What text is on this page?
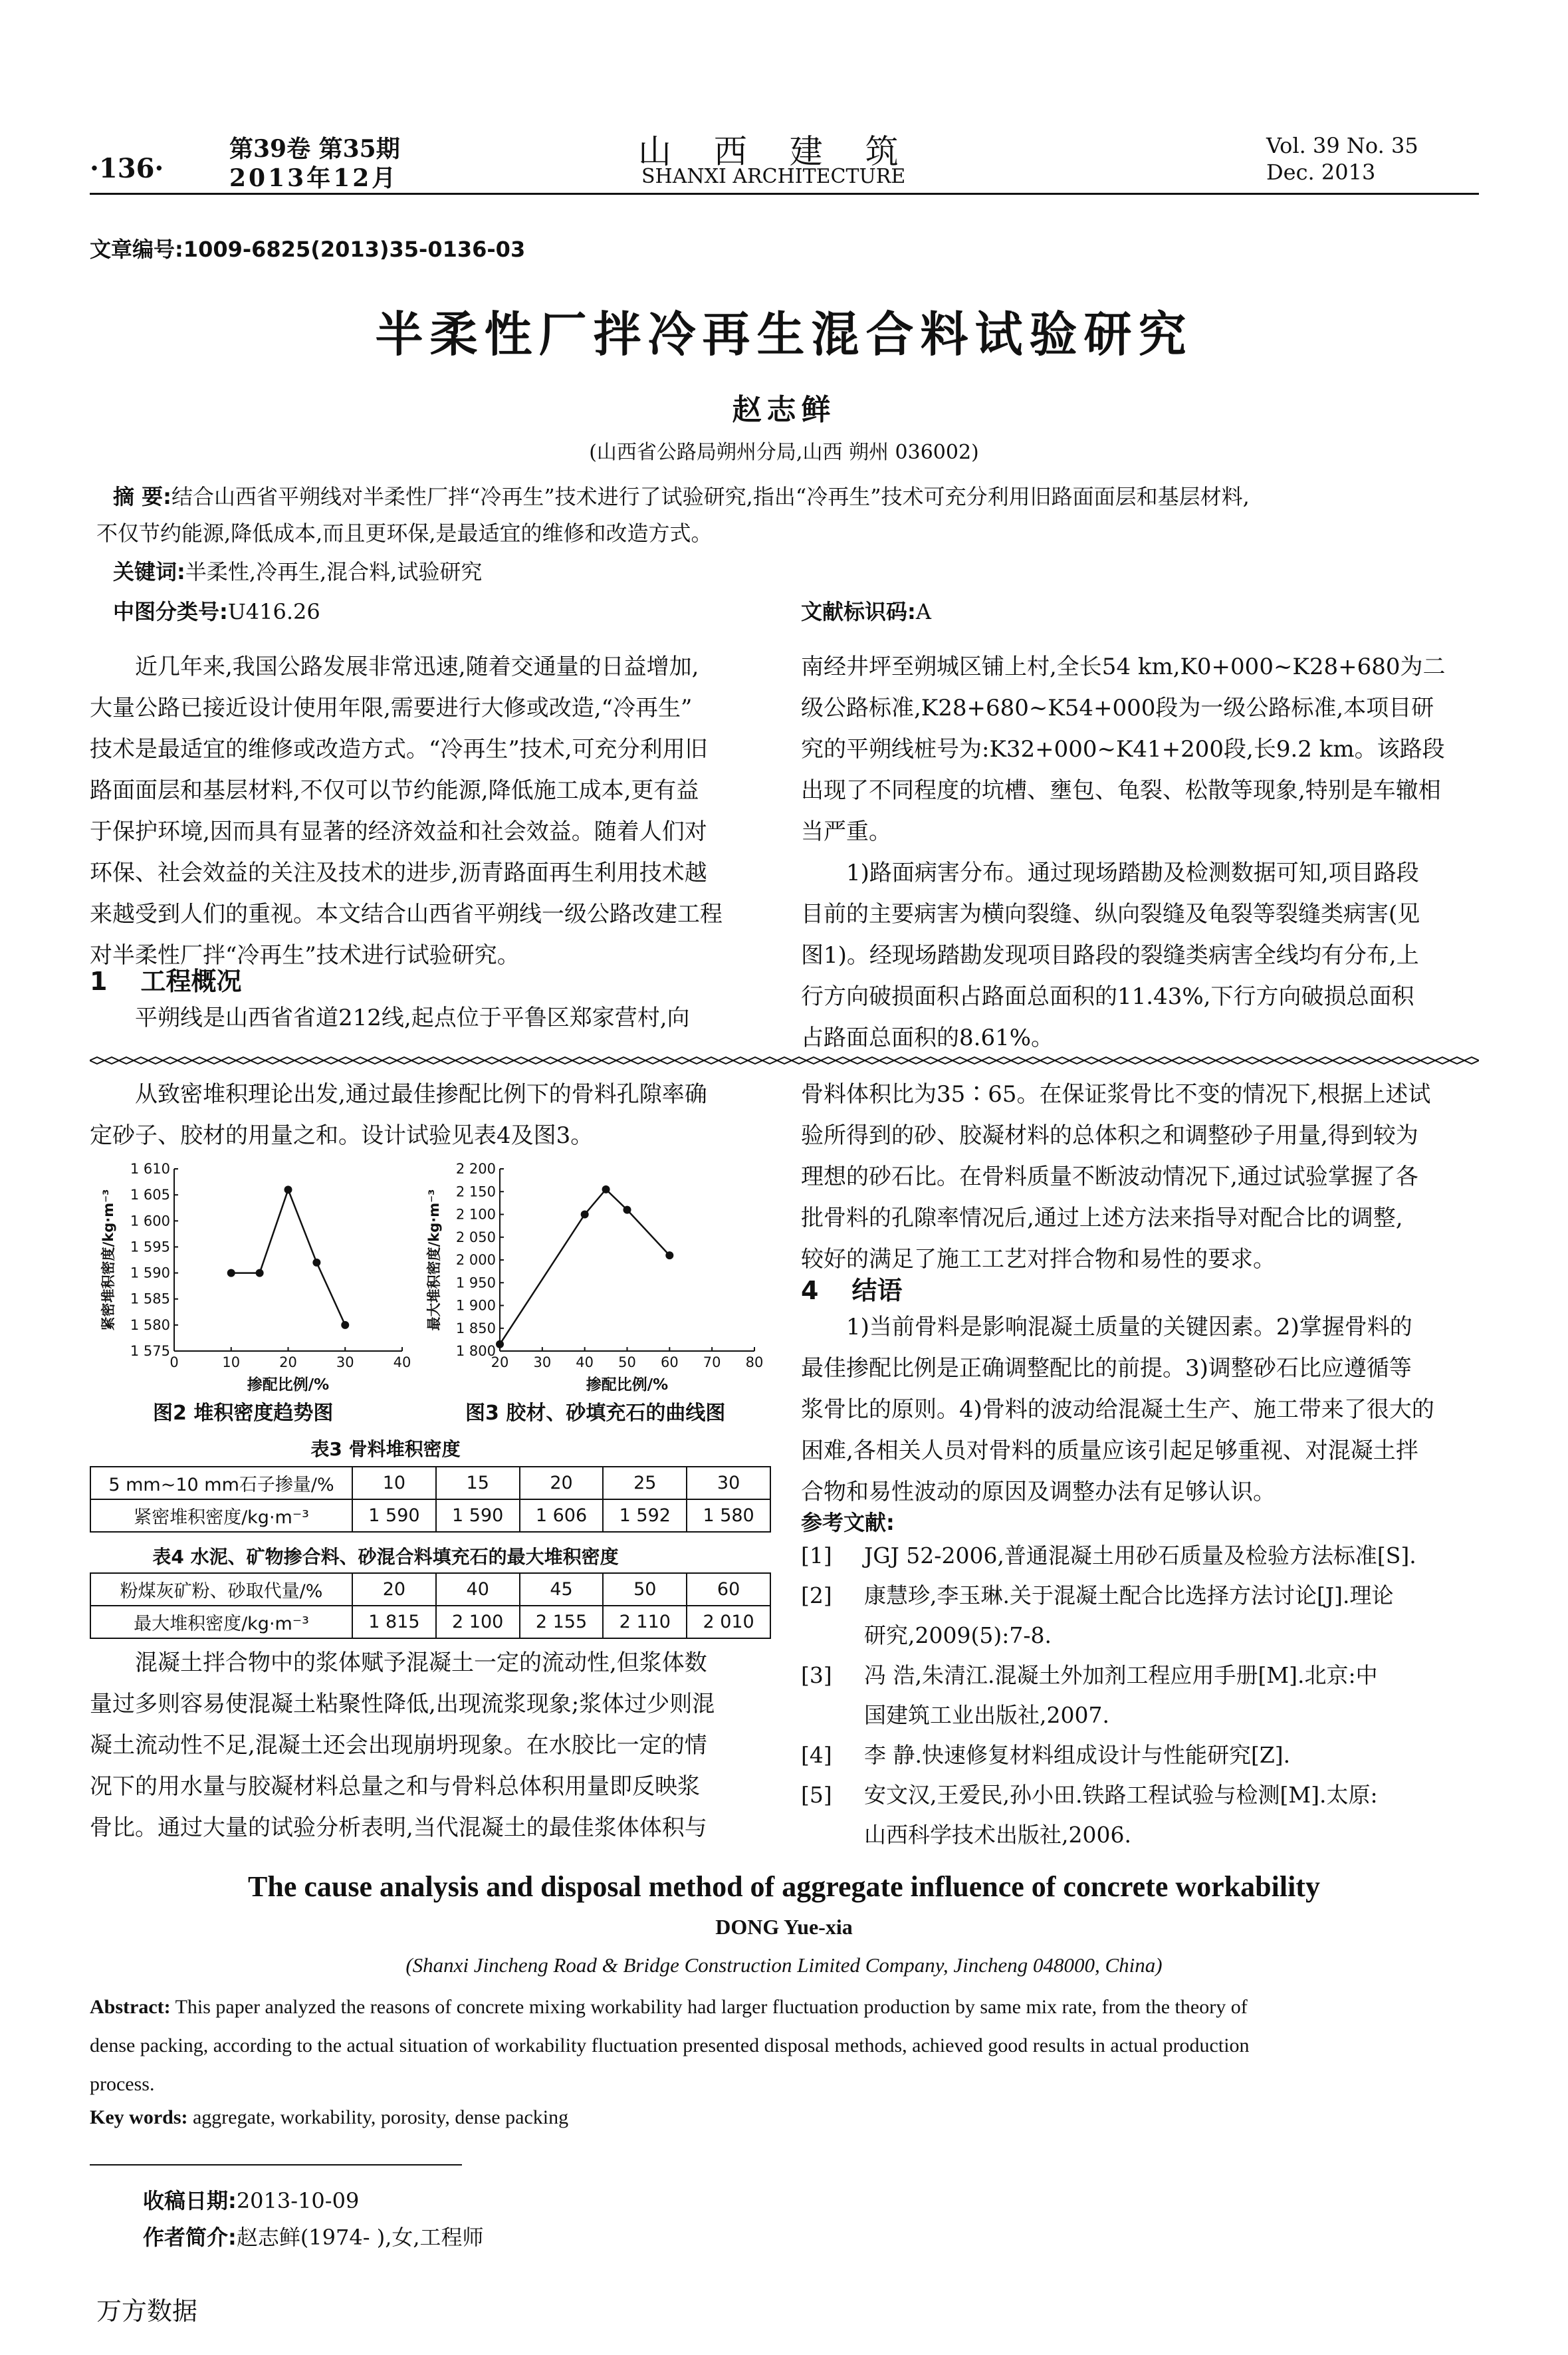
·136·
第39卷 第35期
2013年12月
山 西 建 筑
SHANXI ARCHITECTURE
Vol. 39 No. 35
Dec. 2013
文章编号:1009-6825(2013)35-0136-03
半柔性厂拌冷再生混合料试验研究
赵志鲜
(山西省公路局朔州分局,山西 朔州 036002)
摘 要:结合山西省平朔线对半柔性厂拌“冷再生”技术进行了试验研究,指出“冷再生”技术可充分利用旧路面面层和基层材料,
不仅节约能源,降低成本,而且更环保,是最适宜的维修和改造方式。
关键词:半柔性,冷再生,混合料,试验研究
中图分类号:U416.26	文献标识码:A
近几年来,我国公路发展非常迅速,随着交通量的日益增加,
大量公路已接近设计使用年限,需要进行大修或改造,“冷再生”
技术是最适宜的维修或改造方式。“冷再生”技术,可充分利用旧
路面面层和基层材料,不仅可以节约能源,降低施工成本,更有益
于保护环境,因而具有显著的经济效益和社会效益。随着人们对
环保、社会效益的关注及技术的进步,沥青路面再生利用技术越
来越受到人们的重视。本文结合山西省平朔线一级公路改建工程
对半柔性厂拌“冷再生”技术进行试验研究。
1 工程概况
平朔线是山西省省道212线,起点位于平鲁区郑家营村,向
南经井坪至朔城区铺上村,全长54 km,K0+000~K28+680为二
级公路标准,K28+680~K54+000段为一级公路标准,本项目研
究的平朔线桩号为:K32+000~K41+200段,长9.2 km。该路段
出现了不同程度的坑槽、壅包、龟裂、松散等现象,特别是车辙相
当严重。
1)路面病害分布。通过现场踏勘及检测数据可知,项目路段
目前的主要病害为横向裂缝、纵向裂缝及龟裂等裂缝类病害(见
图1)。经现场踏勘发现项目路段的裂缝类病害全线均有分布,上
行方向破损面积占路面总面积的11.43%,下行方向破损总面积
占路面总面积的8.61%。
从致密堆积理论出发,通过最佳掺配比例下的骨料孔隙率确
定砂子、胶材的用量之和。设计试验见表4及图3。
1 575
1 580
1 585
1 590
1 595
1 600
1 605
1 610
0	10	20	30	40
掺配比例/%
紧密堆积密度/kg·m⁻³
1 800
1 850
1 900
1 950
2 000
2 050
2 100
2 150
2 200
20 30 40 50 60 70 80
掺配比例/%
最大堆积密度/kg·m⁻³
图2 堆积密度趋势图	图3 胶材、砂填充石的曲线图
表3 骨料堆积密度
5 mm~10 mm石子掺量/%	10	15	20	25	30
紧密堆积密度/kg·m⁻³	1 590	1 590	1 606	1 592	1 580
表4 水泥、矿物掺合料、砂混合料填充石的最大堆积密度
粉煤灰矿粉、砂取代量/%	20	40	45	50	60
最大堆积密度/kg·m⁻³	1 815	2 100	2 155	2 110	2 010
混凝土拌合物中的浆体赋予混凝土一定的流动性,但浆体数
量过多则容易使混凝土粘聚性降低,出现流浆现象;浆体过少则混
凝土流动性不足,混凝土还会出现崩坍现象。在水胶比一定的情
况下的用水量与胶凝材料总量之和与骨料总体积用量即反映浆
骨比。通过大量的试验分析表明,当代混凝土的最佳浆体体积与
骨料体积比为35∶65。在保证浆骨比不变的情况下,根据上述试
验所得到的砂、胶凝材料的总体积之和调整砂子用量,得到较为
理想的砂石比。在骨料质量不断波动情况下,通过试验掌握了各
批骨料的孔隙率情况后,通过上述方法来指导对配合比的调整,
较好的满足了施工工艺对拌合物和易性的要求。
4 结语
1)当前骨料是影响混凝土质量的关键因素。2)掌握骨料的
最佳掺配比例是正确调整配比的前提。3)调整砂石比应遵循等
浆骨比的原则。4)骨料的波动给混凝土生产、施工带来了很大的
困难,各相关人员对骨料的质量应该引起足够重视、对混凝土拌
合物和易性波动的原因及调整办法有足够认识。
参考文献:
[1] JGJ 52-2006,普通混凝土用砂石质量及检验方法标准[S].
[2] 康慧珍,李玉琳.关于混凝土配合比选择方法讨论[J].理论
研究,2009(5):7-8.
[3] 冯 浩,朱清江.混凝土外加剂工程应用手册[M].北京:中
国建筑工业出版社,2007.
[4] 李 静.快速修复材料组成设计与性能研究[Z].
[5] 安文汉,王爱民,孙小田.铁路工程试验与检测[M].太原:
山西科学技术出版社,2006.
The cause analysis and disposal method of aggregate influence of concrete workability
DONG Yue-xia
(Shanxi Jincheng Road & Bridge Construction Limited Company, Jincheng 048000, China)
Abstract: This paper analyzed the reasons of concrete mixing workability had larger fluctuation production by same mix rate, from the theory of
dense packing, according to the actual situation of workability fluctuation presented disposal methods, achieved good results in actual production
process.
Key words: aggregate, workability, porosity, dense packing
收稿日期:2013-10-09
作者简介:赵志鲜(1974- ),女,工程师
万方数据
